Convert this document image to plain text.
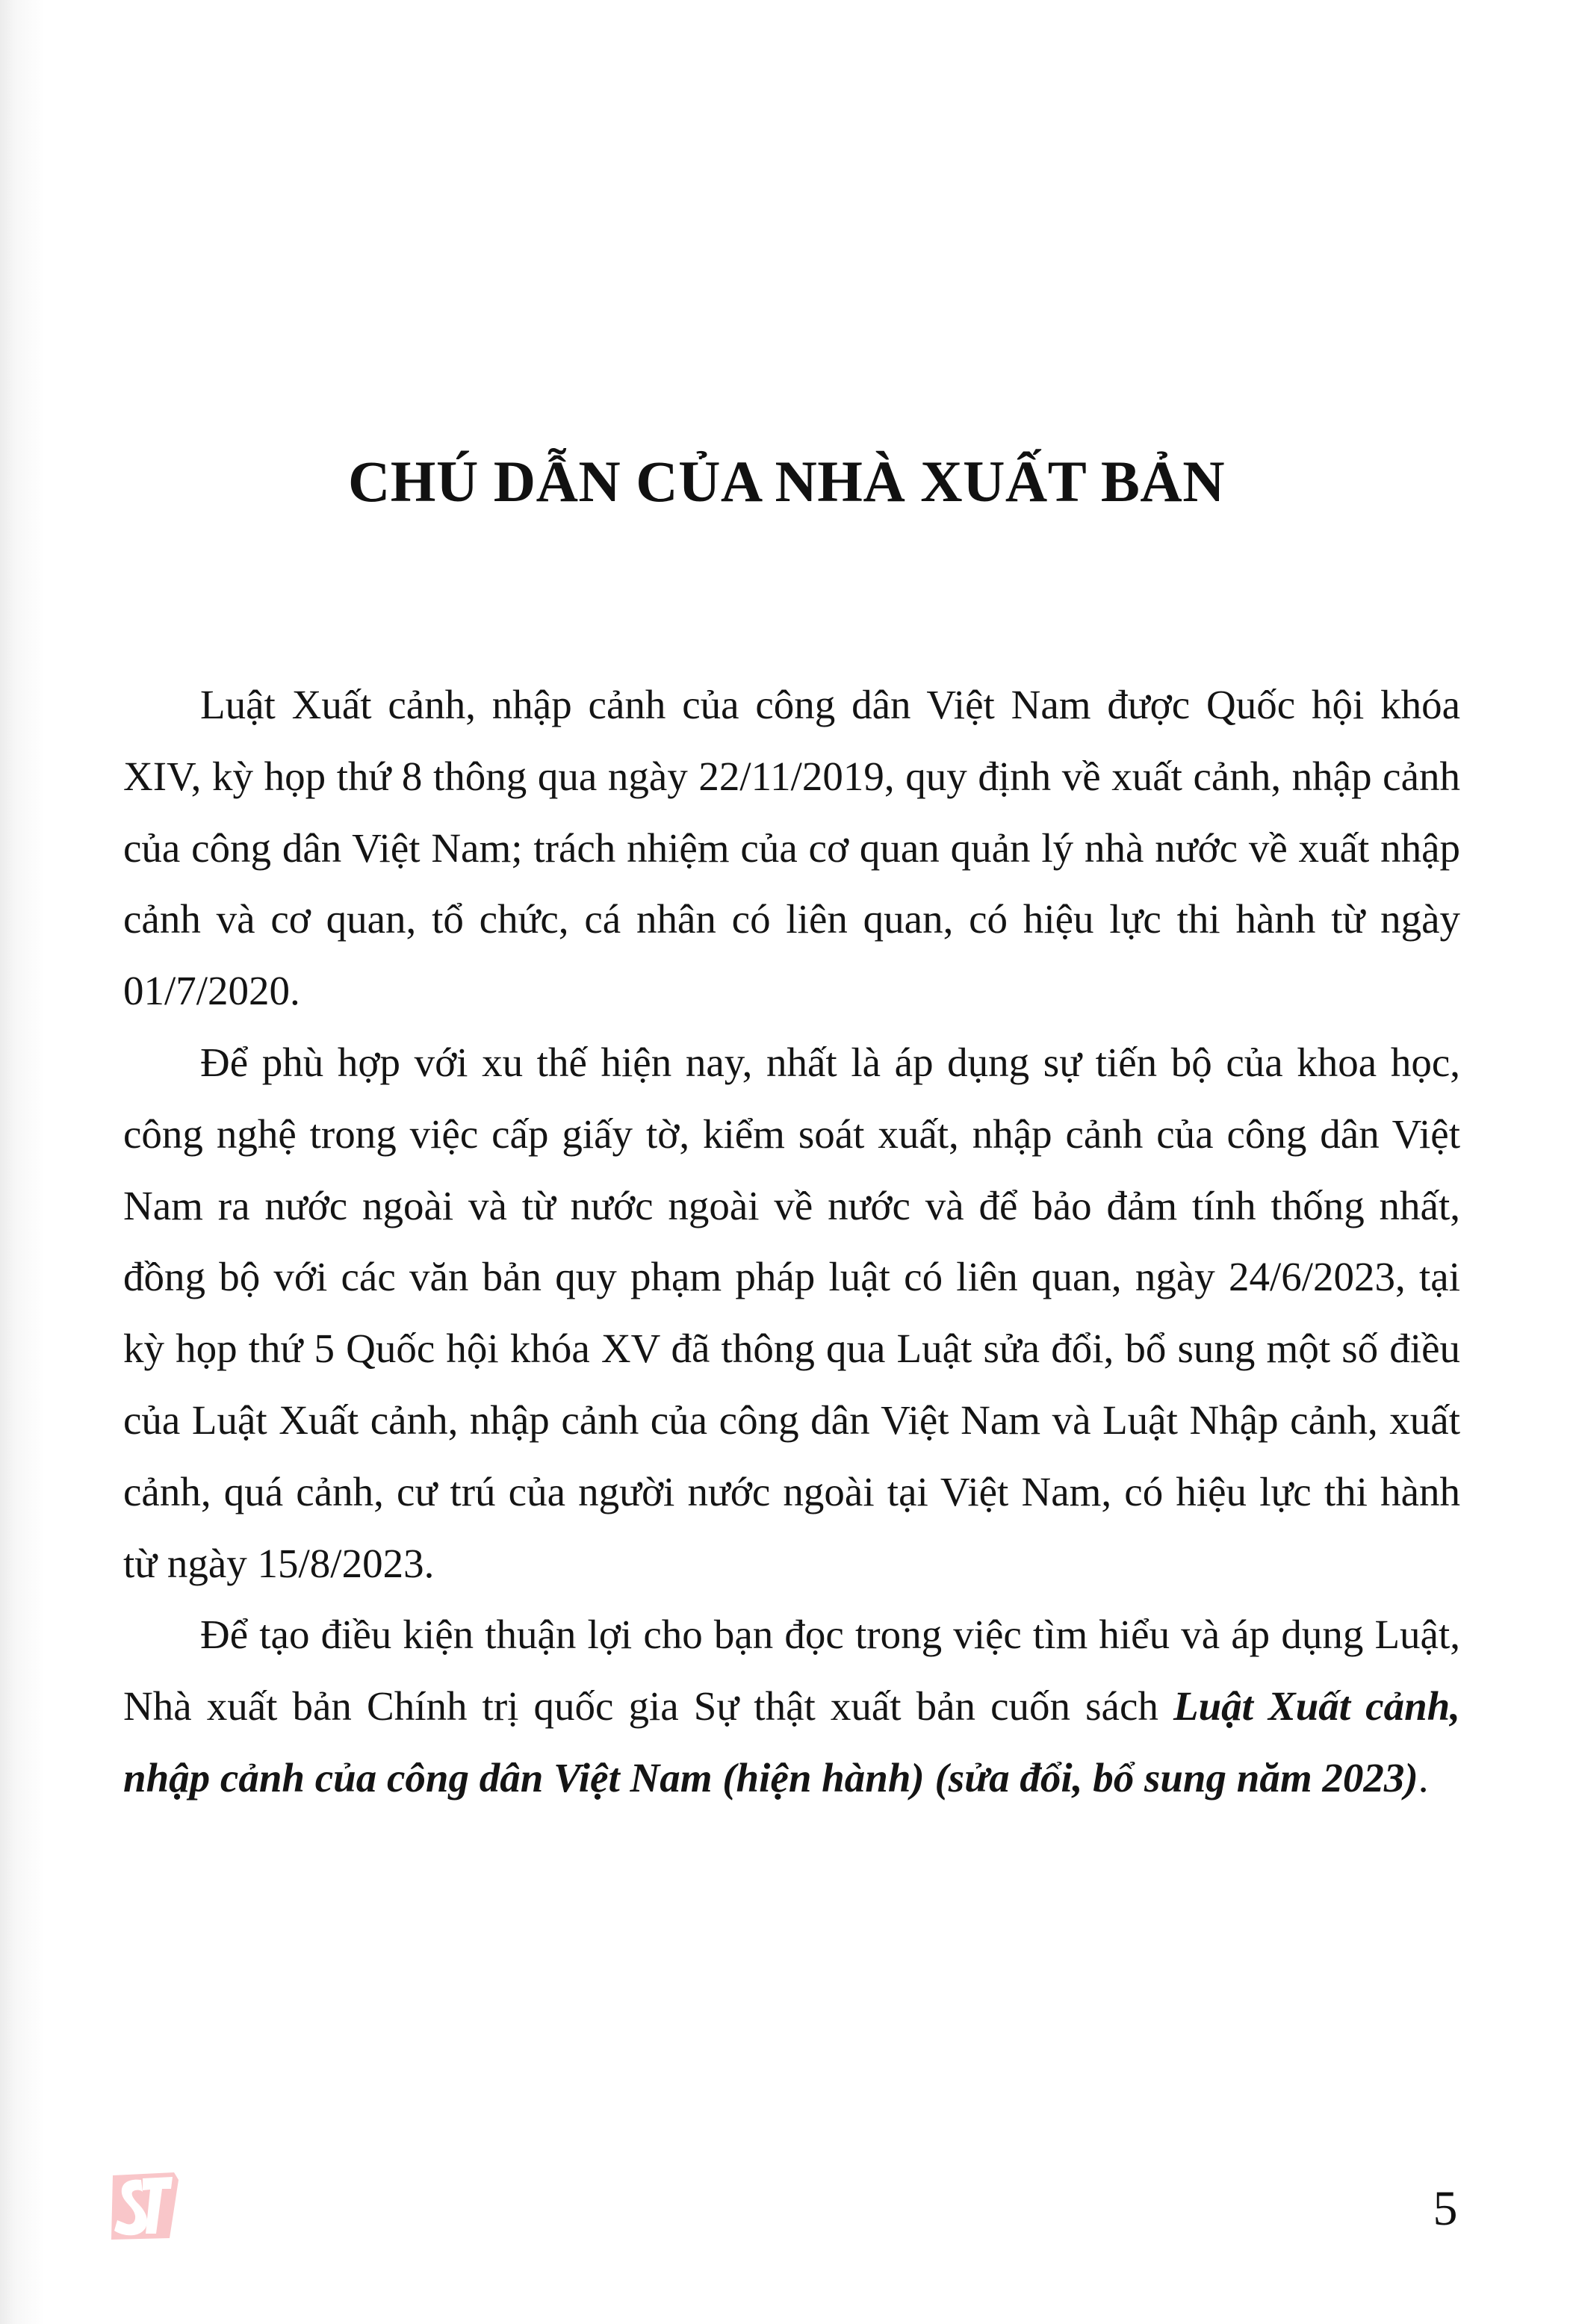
CHÚ DẪN CỦA NHÀ XUẤT BẢN

Luật Xuất cảnh, nhập cảnh của công dân Việt Nam được Quốc hội khóa XIV, kỳ họp thứ 8 thông qua ngày 22/11/2019, quy định về xuất cảnh, nhập cảnh của công dân Việt Nam; trách nhiệm của cơ quan quản lý nhà nước về xuất nhập cảnh và cơ quan, tổ chức, cá nhân có liên quan, có hiệu lực thi hành từ ngày 01/7/2020.

Để phù hợp với xu thế hiện nay, nhất là áp dụng sự tiến bộ của khoa học, công nghệ trong việc cấp giấy tờ, kiểm soát xuất, nhập cảnh của công dân Việt Nam ra nước ngoài và từ nước ngoài về nước và để bảo đảm tính thống nhất, đồng bộ với các văn bản quy phạm pháp luật có liên quan, ngày 24/6/2023, tại kỳ họp thứ 5 Quốc hội khóa XV đã thông qua Luật sửa đổi, bổ sung một số điều của Luật Xuất cảnh, nhập cảnh của công dân Việt Nam và Luật Nhập cảnh, xuất cảnh, quá cảnh, cư trú của người nước ngoài tại Việt Nam, có hiệu lực thi hành từ ngày 15/8/2023.

Để tạo điều kiện thuận lợi cho bạn đọc trong việc tìm hiểu và áp dụng Luật, Nhà xuất bản Chính trị quốc gia Sự thật xuất bản cuốn sách Luật Xuất cảnh, nhập cảnh của công dân Việt Nam (hiện hành) (sửa đổi, bổ sung năm 2023).

5
